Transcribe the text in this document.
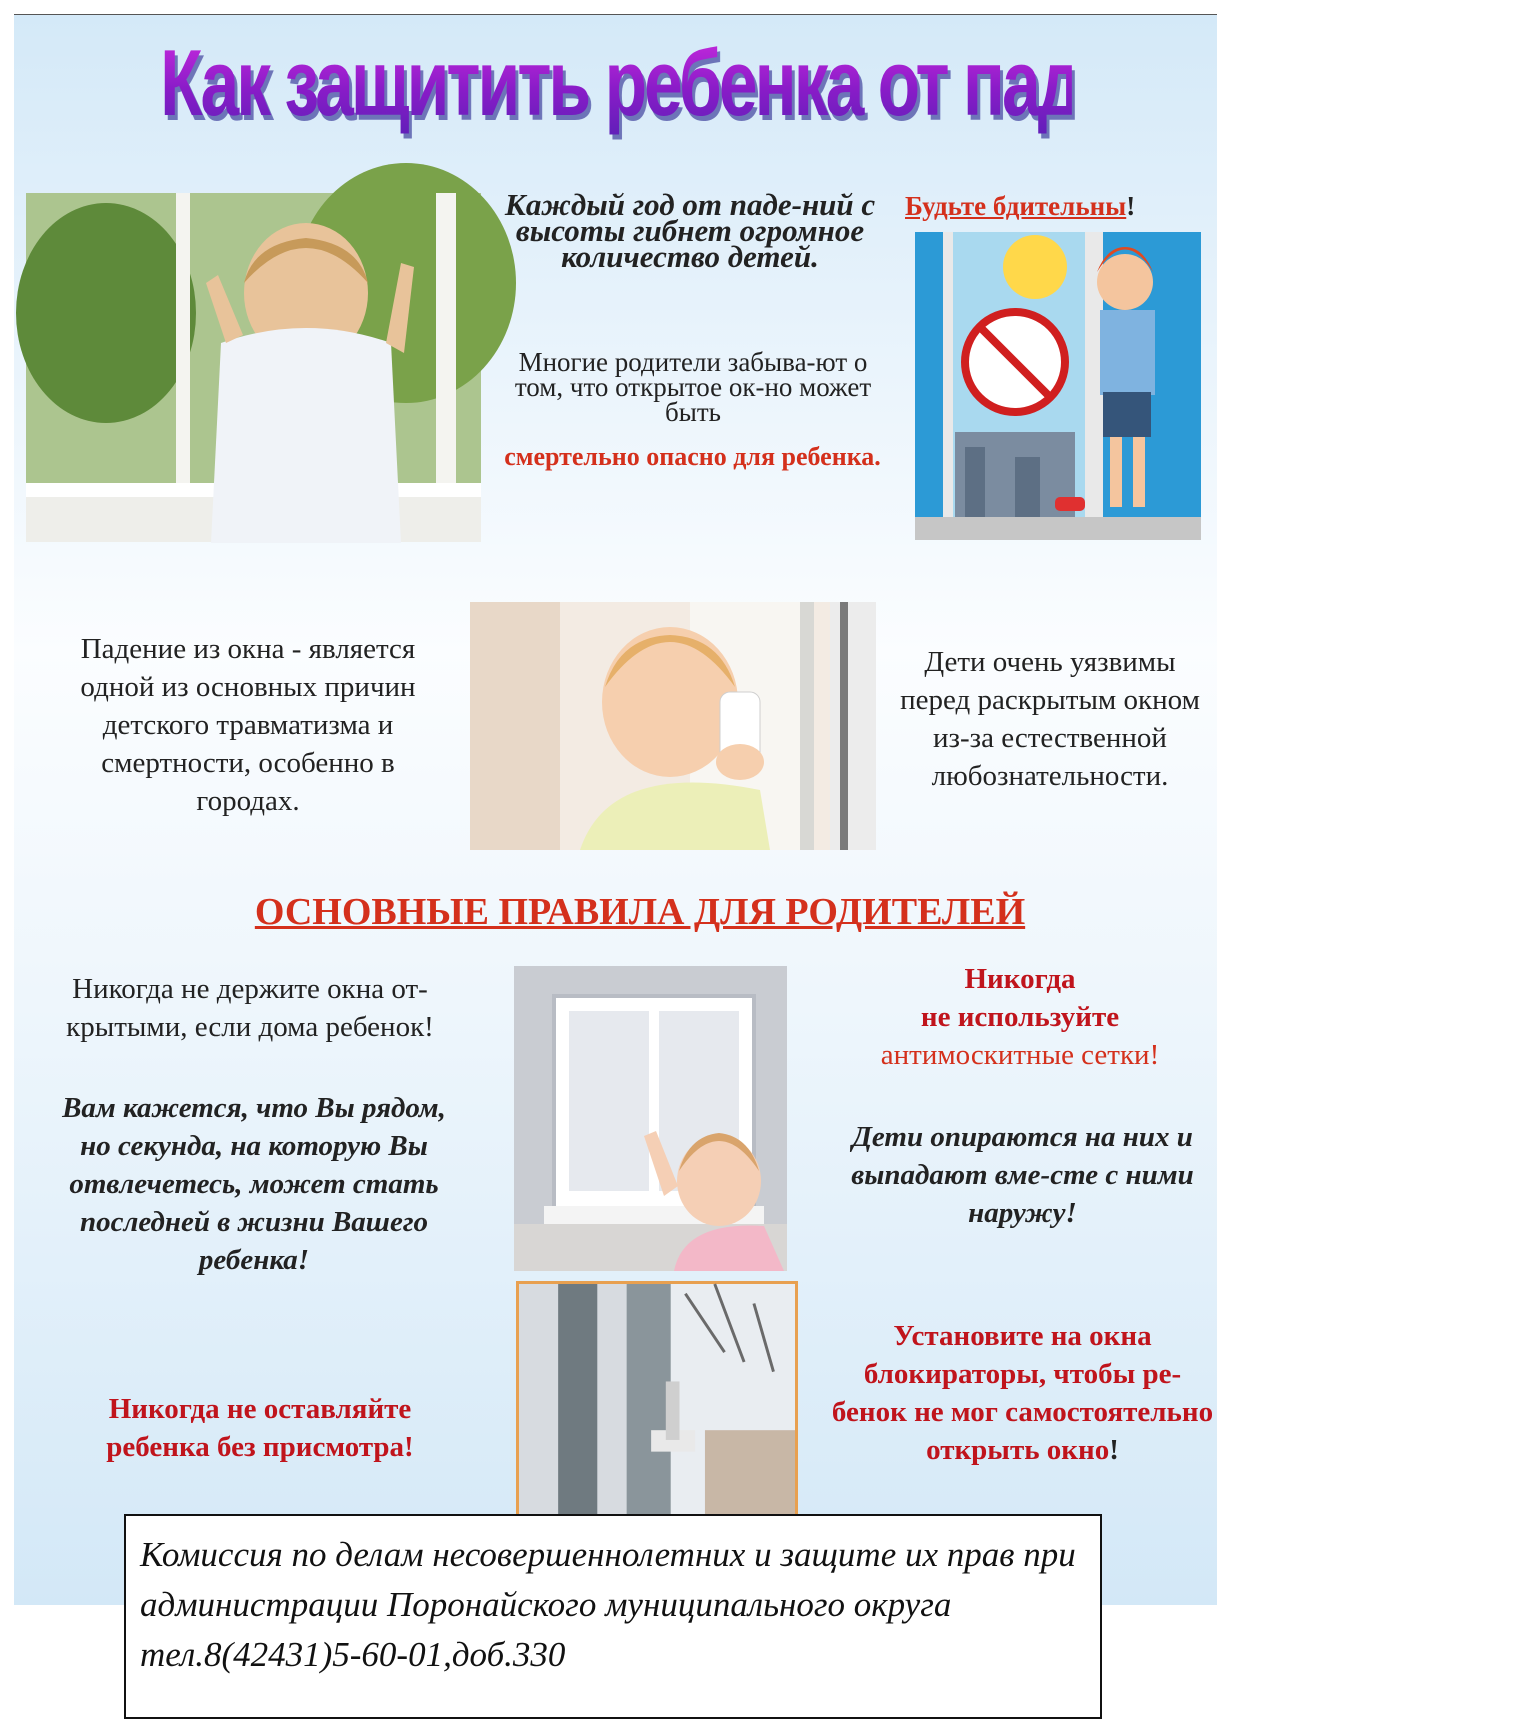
Как защитить ребенка от падения из окна?
Каждый год от паде-ний с высоты гибнет огромное количество детей.
Многие родители забыва-ют о том, что открытое ок-но может быть
смертельно опасно для ребенка.
Будьте бдительны!
Падение из окна - является одной из основных причин детского травматизма и смертности, особенно в городах.
Дети очень уязвимы перед раскрытым окном из-за естественной любознательности.
ОСНОВНЫЕ ПРАВИЛА ДЛЯ РОДИТЕЛЕЙ
Никогда не держите окна от-крытыми, если дома ребенок!
Вам кажется, что Вы рядом, но секунда, на которую Вы отвлечетесь, может стать последней в жизни Вашего ребенка!
Никогда не оставляйте ребенка без присмотра!
Никогда
не используйте
антимоскитные сетки!
Дети опираются на них и выпадают вме-сте с ними наружу!
Установите на окна блокираторы, чтобы ре-бенок не мог самостоятельно открыть окно!
Комиссия по делам несовершеннолетних и защите их прав при администрации Поронайского муниципального округа тел.8(42431)5-60-01,доб.330
